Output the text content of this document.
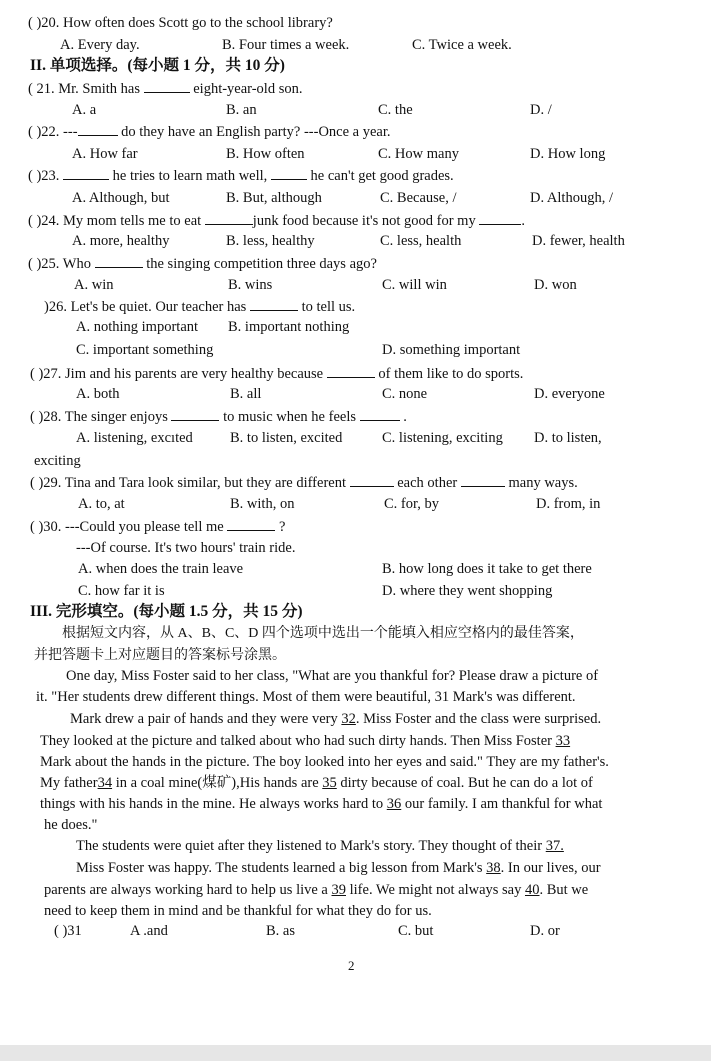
( )20. How often does Scott go to the school library?
A. Every day.	B. Four times a week.	C. Twice a week.
II. 单项选择。(每小题 1 分，共 10 分)
( 21. Mr. Smith has	eight-year-old son.
A. a	B. an	C. the	D. /
( )22. ---	do they have an English party? ---Once a year.
A. How far	B. How often	C. How many	D. How long
( )23.	he tries to learn math well,	he can't get good grades.
A. Although, but	B. But, although	C. Because, /	D. Although, /
( )24. My mom tells me to eat	junk food because it's not good for my	.
A. more, healthy	B. less, healthy	C. less, health	D. fewer, health
( )25. Who	the singing competition three days ago?
A. win	B. wins	C. will win	D. won
)26. Let's be quiet. Our teacher has	to tell us.
A. nothing important B. important nothing
C. important something	D. something important
( )27. Jim and his parents are very healthy because	of them like to do sports.
A. both	B. all	C. none	D. everyone
( )28. The singer enjoys	to music when he feels	.
A. listening, excıted	B. to listen, excited	C. listening, exciting D. to listen,
exciting
( )29. Tina and Tara look similar, but they are different	each other	many ways.
A. to, at	B. with, on	C. for, by	D. from, in
( )30. ---Could you please tell me	?
---Of course. It's two hours' train ride.
A. when does the train leave	B. how long does it take to get there
C. how far it is	D. where they went shopping
III. 完形填空。(每小题 1.5 分，共 15 分)
根据短文内容，从 A、B、C、D 四个选项中选出一个能填入相应空格内的最佳答案，
并把答题卡上对应题目的答案标号涂黑。
One day, Miss Foster said to her class, "What are you thankful for? Please draw a picture of
it. "Her students drew different things. Most of them were beautiful, 31 Mark's was different.
Mark drew a pair of hands and they were very 32. Miss Foster and the class were surprised.
They looked at the picture and talked about who had such dirty hands. Then Miss Foster 33
Mark about the hands in the picture. The boy looked into her eyes and said." They are my father's.
My father34 in a coal mine(煤矿),His hands are 35 dirty because of coal. But he can do a lot of
things with his hands in the mine. He always works hard to 36 our family. I am thankful for what
he does."
The students were quiet after they listened to Mark's story. They thought of their 37.
Miss Foster was happy. The students learned a big lesson from Mark's 38. In our lives, our
parents are always working hard to help us live a 39 life. We might not always say 40. But we
need to keep them in mind and be thankful for what they do for us.
( )31	A .and	B. as	C. but	D. or
2
